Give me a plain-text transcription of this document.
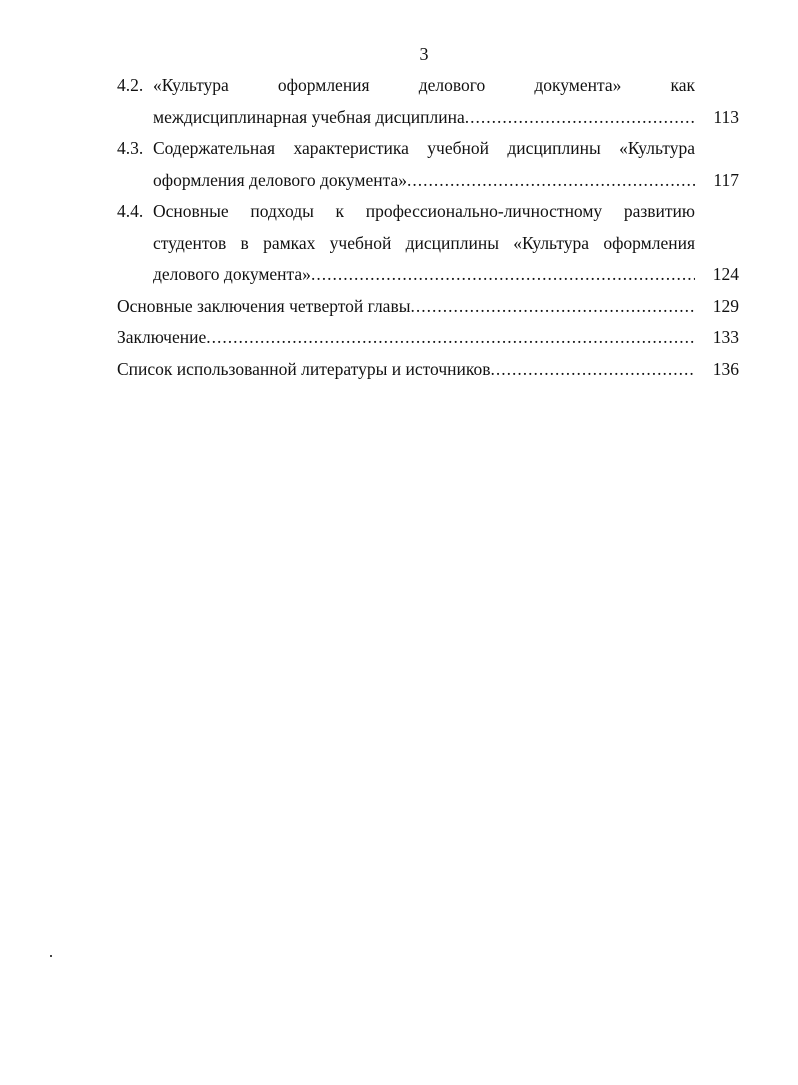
3
4.2. «Культура	оформления	делового	документа»	как
междисциплинарная учебная дисциплина .....	113
4.3. Содержательная характеристика учебной дисциплины «Культура
оформления делового документа» .....	117
4.4. Основные подходы к профессионально-личностному развитию
студентов в рамках учебной дисциплины «Культура оформления
делового документа» .....	124
Основные заключения четвертой главы .....	129
Заключение .....	133
Список использованной литературы и источников .....	136
